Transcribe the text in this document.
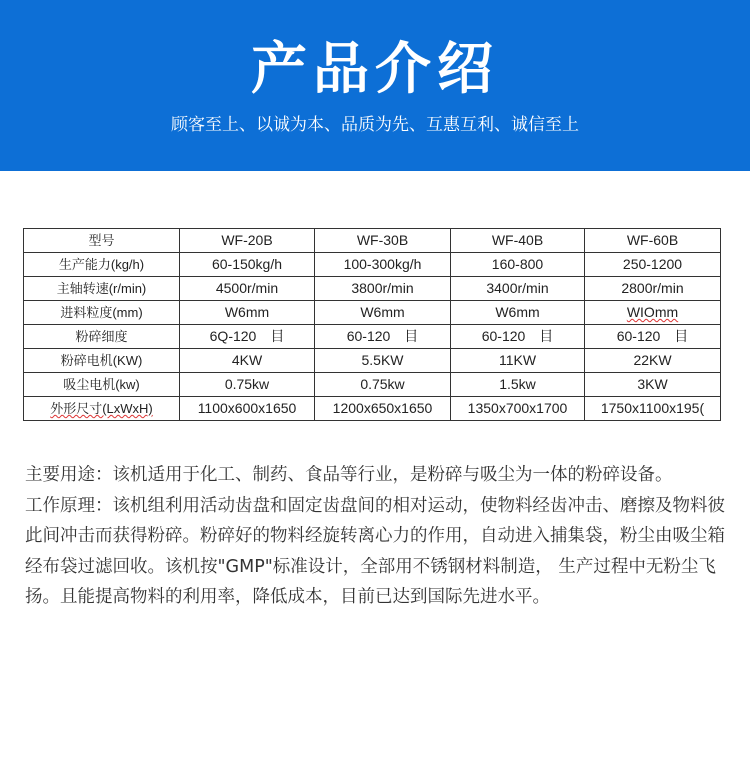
产品介绍
顾客至上、以诚为本、品质为先、互惠互利、诚信至上
型号	WF-20B	WF-30B	WF-40B	WF-60B
生产能力(kg/h)	60-150kg/h	100-300kg/h	160-800	250-1200
主轴转速(r/min)	4500r/min	3800r/min	3400r/min	2800r/min
进料粒度(mm)	W6mm	W6mm	W6mm	WIOmm
粉碎细度	6Q-120　目	60-120　目	60-120　目	60-120　目
粉碎电机(KW)	4KW	5.5KW	11KW	22KW
吸尘电机(kw)	0.75kw	0.75kw	1.5kw	3KW
外形尺寸(LxWxH)	1100x600x1650	1200x650x1650	1350x700x1700	1750x1100x195(

主要用途：该机适用于化工、制药、食品等行业，是粉碎与吸尘为一体的粉碎设备。

工作原理：该机组利用活动齿盘和固定齿盘间的相对运动，使物料经齿冲击、磨擦及物料彼此间冲击而获得粉碎。粉碎好的物料经旋转离心力的作用，自动进入捕集袋，粉尘由吸尘箱经布袋过滤回收。该机按"GMP"标准设计，全部用不锈钢材料制造， 生产过程中无粉尘飞扬。且能提高物料的利用率，降低成本，目前已达到国际先进水平。
